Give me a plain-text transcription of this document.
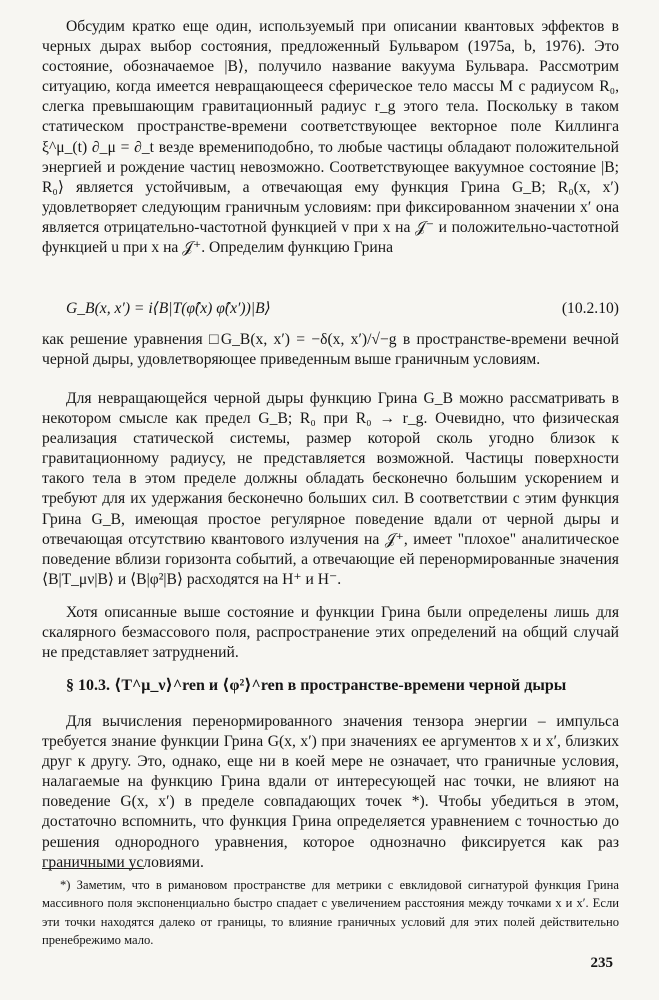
Обсудим кратко еще один, используемый при описании квантовых эффектов в черных дырах выбор состояния, предложенный Бульваром (1975a, b, 1976). Это состояние, обозначаемое |B⟩, получило название вакуума Бульвара. Рассмотрим ситуацию, когда имеется невращающееся сферическое тело массы M с радиусом R₀, слегка превышающим гравитационный радиус r_g этого тела. Поскольку в таком статическом пространстве-времени соответствующее векторное поле Киллинга ξ^μ_(t) ∂_μ = ∂_t везде времениподобно, то любые частицы обладают положительной энергией и рождение частиц невозможно. Соответствующее вакуумное состояние |B; R₀⟩ является устойчивым, а отвечающая ему функция Грина G_B; R₀(x, x′) удовлетворяет следующим граничным условиям: при фиксированном значении x′ она является отрицательно-частотной функцией v при x на 𝒥⁻ и положительно-частотной функцией u при x на 𝒥⁺. Определим функцию Грина

G_B(x, x′) = i⟨B|T(φ̂(x) φ̂(x′))|B⟩	(10.2.10)

как решение уравнения □G_B(x, x′) = −δ(x, x′)/√−g в пространстве-времени вечной черной дыры, удовлетворяющее приведенным выше граничным условиям.

Для невращающейся черной дыры функцию Грина G_B можно рассматривать в некотором смысле как предел G_B; R₀ при R₀ → r_g. Очевидно, что физическая реализация статической системы, размер которой сколь угодно близок к гравитационному радиусу, не представляется возможной. Частицы поверхности такого тела в этом пределе должны обладать бесконечно большим ускорением и требуют для их удержания бесконечно больших сил. В соответствии с этим функция Грина G_B, имеющая простое регулярное поведение вдали от черной дыры и отвечающая отсутствию квантового излучения на 𝒥⁺, имеет "плохое" аналитическое поведение вблизи горизонта событий, а отвечающие ей перенормированные значения ⟨B|T_μν|B⟩ и ⟨B|φ²|B⟩ расходятся на H⁺ и H⁻.

Хотя описанные выше состояние и функции Грина были определены лишь для скалярного безмассового поля, распространение этих определений на общий случай не представляет затруднений.

§ 10.3. ⟨T^μ_ν⟩^ren и ⟨φ²⟩^ren в пространстве-времени черной дыры

Для вычисления перенормированного значения тензора энергии – импульса требуется знание функции Грина G(x, x′) при значениях ее аргументов x и x′, близких друг к другу. Это, однако, еще ни в коей мере не означает, что граничные условия, налагаемые на функцию Грина вдали от интересующей нас точки, не влияют на поведение G(x, x′) в пределе совпадающих точек *). Чтобы убедиться в этом, достаточно вспомнить, что функция Грина определяется уравнением с точностью до решения однородного уравнения, которое однозначно фиксируется как раз граничными условиями.

*) Заметим, что в римановом пространстве для метрики с евклидовой сигнатурой функция Грина массивного поля экспоненциально быстро спадает с увеличением расстояния между точками x и x′. Если эти точки находятся далеко от границы, то влияние граничных условий для этих полей действительно пренебрежимо мало.

235
